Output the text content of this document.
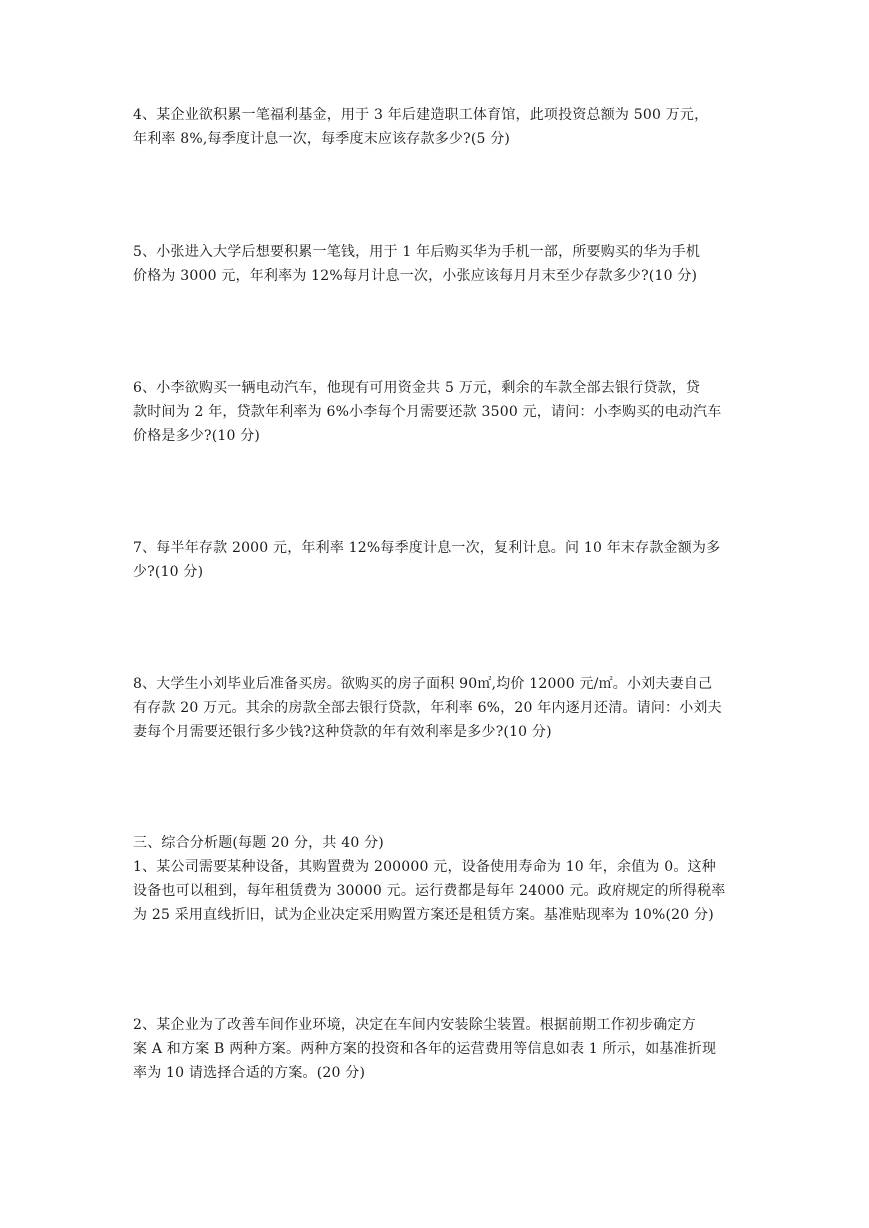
4、某企业欲积累一笔福利基金，用于 3 年后建造职工体育馆，此项投资总额为 500 万元，
年利率 8%,每季度计息一次，每季度末应该存款多少?(5 分)
5、小张进入大学后想要积累一笔钱，用于 1 年后购买华为手机一部，所要购买的华为手机
价格为 3000 元，年利率为 12%每月计息一次，小张应该每月月末至少存款多少?(10 分)
6、小李欲购买一辆电动汽车，他现有可用资金共 5 万元，剩余的车款全部去银行贷款，贷
款时间为 2 年，贷款年利率为 6%小李每个月需要还款 3500 元，请问：小李购买的电动汽车
价格是多少?(10 分)
7、每半年存款 2000 元，年利率 12%每季度计息一次，复利计息。问 10 年末存款金额为多
少?(10 分)
8、大学生小刘毕业后准备买房。欲购买的房子面积 90㎡,均价 12000 元/㎡。小刘夫妻自己
有存款 20 万元。其余的房款全部去银行贷款，年利率 6%，20 年内逐月还清。请问：小刘夫
妻每个月需要还银行多少钱?这种贷款的年有效利率是多少?(10 分)
三、综合分析题(每题 20 分，共 40 分)
1、某公司需要某种设备，其购置费为 200000 元，设备使用寿命为 10 年，余值为 0。这种
设备也可以租到，每年租赁费为 30000 元。运行费都是每年 24000 元。政府规定的所得税率
为 25 采用直线折旧，试为企业决定采用购置方案还是租赁方案。基准贴现率为 10%(20 分)
2、某企业为了改善车间作业环境，决定在车间内安装除尘装置。根据前期工作初步确定方
案 A 和方案 B 两种方案。两种方案的投资和各年的运营费用等信息如表 1 所示，如基准折现
率为 10 请选择合适的方案。(20 分)
